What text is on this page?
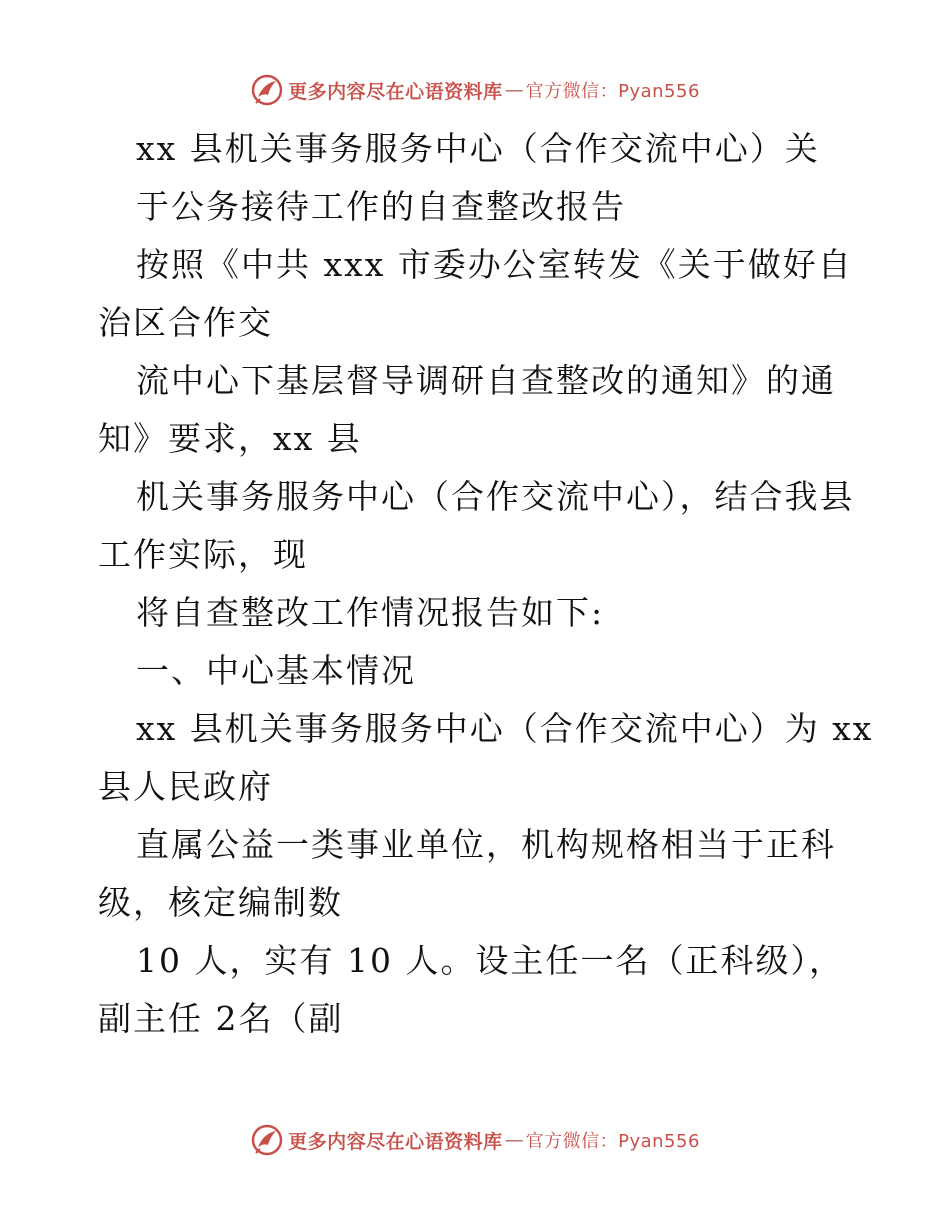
更多内容尽在心语资料库 — 官方微信：Pyan556
xx 县机关事务服务中心（合作交流中心）关
于公务接待工作的自查整改报告
按照《中共 xxx 市委办公室转发《关于做好自
治区合作交
流中心下基层督导调研自查整改的通知》的通
知》要求，xx 县
机关事务服务中心（合作交流中心），结合我县
工作实际，现
将自查整改工作情况报告如下:
一、中心基本情况
xx 县机关事务服务中心（合作交流中心）为 xx
县人民政府
直属公益一类事业单位，机构规格相当于正科
级，核定编制数
10 人，实有 10 人。设主任一名（正科级），
副主任 2名（副
更多内容尽在心语资料库 — 官方微信：Pyan556
